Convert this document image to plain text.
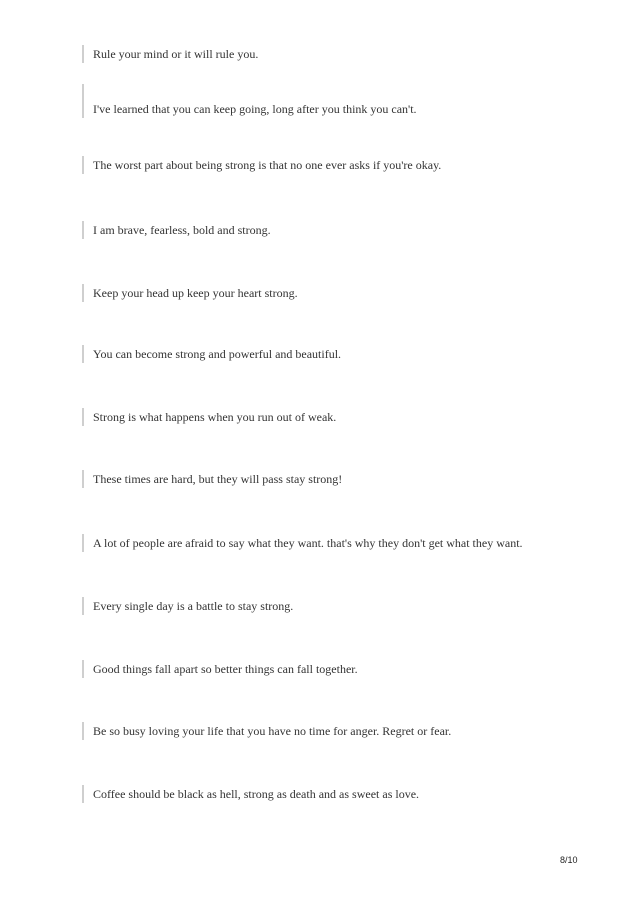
Rule your mind or it will rule you.
I've learned that you can keep going, long after you think you can't.
The worst part about being strong is that no one ever asks if you're okay.
I am brave, fearless, bold and strong.
Keep your head up keep your heart strong.
You can become strong and powerful and beautiful.
Strong is what happens when you run out of weak.
These times are hard, but they will pass stay strong!
A lot of people are afraid to say what they want. that's why they don't get what they want.
Every single day is a battle to stay strong.
Good things fall apart so better things can fall together.
Be so busy loving your life that you have no time for anger. Regret or fear.
Coffee should be black as hell, strong as death and as sweet as love.
8/10
